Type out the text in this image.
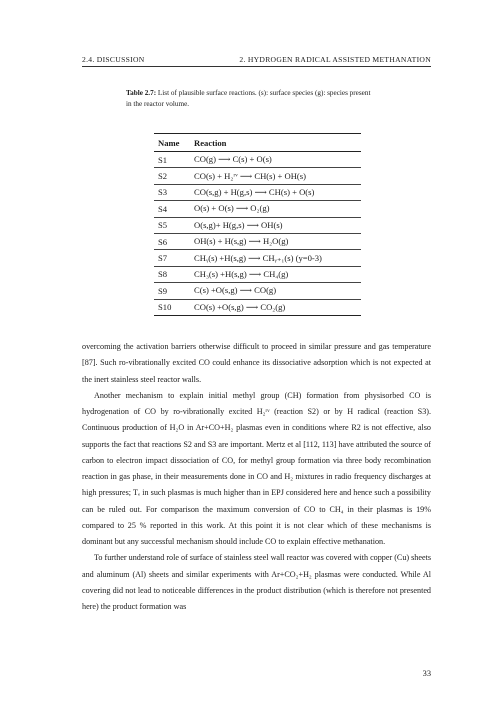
2.4. DISCUSSION	2. HYDROGEN RADICAL ASSISTED METHANATION
Table 2.7: List of plausible surface reactions. (s): surface species (g): species present in the reactor volume.
Name	Reaction
S1	CO(g) ⟶ C(s) + O(s)
S2	CO(s) + H₂ʳᵛ ⟶ CH(s) + OH(s)
S3	CO(s,g) + H(g,s) ⟶ CH(s) + O(s)
S4	O(s) + O(s) ⟶ O₂(g)
S5	O(s,g)+ H(g,s) ⟶ OH(s)
S6	OH(s) + H(s,g) ⟶ H₂O(g)
S7	CHᵧ(s) +H(s,g) ⟶ CHᵧ₊₁(s) (y=0-3)
S8	CH₃(s) +H(s,g) ⟶ CH₄(g)
S9	C(s) +O(s,g) ⟶ CO(g)
S10	CO(s) +O(s,g) ⟶ CO₂(g)

overcoming the activation barriers otherwise difficult to proceed in similar pressure and gas temperature [87]. Such ro-vibrationally excited CO could enhance its dissociative adsorption which is not expected at the inert stainless steel reactor walls.

Another mechanism to explain initial methyl group (CH) formation from physisorbed CO is hydrogenation of CO by ro-vibrationally excited H₂ʳᵛ (reaction S2) or by H radical (reaction S3). Continuous production of H₂O in Ar+CO+H₂ plasmas even in conditions where R2 is not effective, also supports the fact that reactions S2 and S3 are important. Mertz et al [112, 113] have attributed the source of carbon to electron impact dissociation of CO, for methyl group formation via three body recombination reaction in gas phase, in their measurements done in CO and H₂ mixtures in radio frequency discharges at high pressures; Tₑ in such plasmas is much higher than in EPJ considered here and hence such a possibility can be ruled out. For comparison the maximum conversion of CO to CH₄ in their plasmas is 19% compared to 25 % reported in this work. At this point it is not clear which of these mechanisms is dominant but any successful mechanism should include CO to explain effective methanation.

To further understand role of surface of stainless steel wall reactor was covered with copper (Cu) sheets and aluminum (Al) sheets and similar experiments with Ar+CO₂+H₂ plasmas were conducted. While Al covering did not lead to noticeable differences in the product distribution (which is therefore not presented here) the product formation was

33
